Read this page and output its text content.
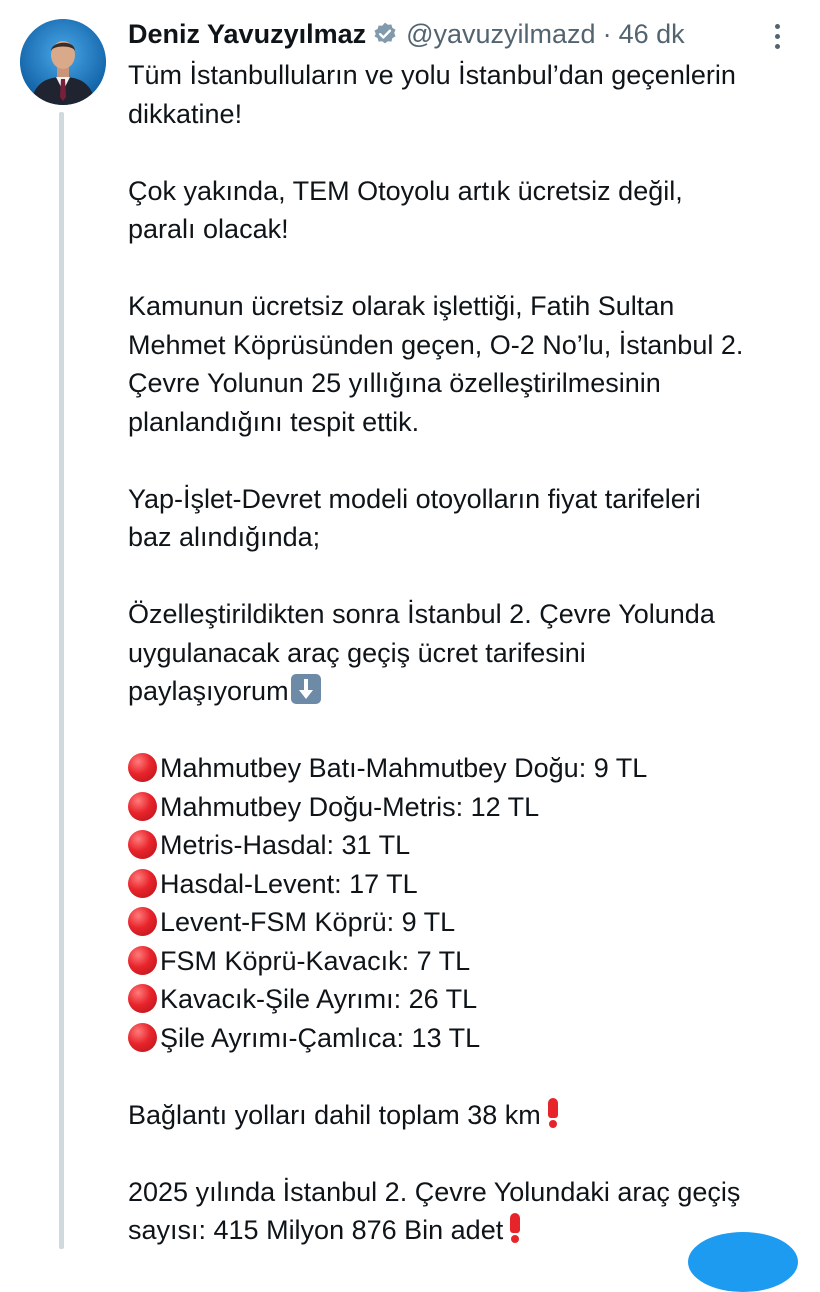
Deniz Yavuzyılmaz @yavuzyilmazd · 46 dk

Tüm İstanbulluların ve yolu İstanbul’dan geçenlerin
dikkatine!

Çok yakında, TEM Otoyolu artık ücretsiz değil,
paralı olacak!

Kamunun ücretsiz olarak işlettiği, Fatih Sultan
Mehmet Köprüsünden geçen, O-2 No’lu, İstanbul 2.
Çevre Yolunun 25 yıllığına özelleştirilmesinin
planlandığını tespit ettik.

Yap-İşlet-Devret modeli otoyolların fiyat tarifeleri
baz alındığında;

Özelleştirildikten sonra İstanbul 2. Çevre Yolunda
uygulanacak araç geçiş ücret tarifesini
paylaşıyorum

Mahmutbey Batı-Mahmutbey Doğu: 9 TL
Mahmutbey Doğu-Metris: 12 TL
Metris-Hasdal: 31 TL
Hasdal-Levent: 17 TL
Levent-FSM Köprü: 9 TL
FSM Köprü-Kavacık: 7 TL
Kavacık-Şile Ayrımı: 26 TL
Şile Ayrımı-Çamlıca: 13 TL

Bağlantı yolları dahil toplam 38 km

2025 yılında İstanbul 2. Çevre Yolundaki araç geçiş
sayısı: 415 Milyon 876 Bin adet
